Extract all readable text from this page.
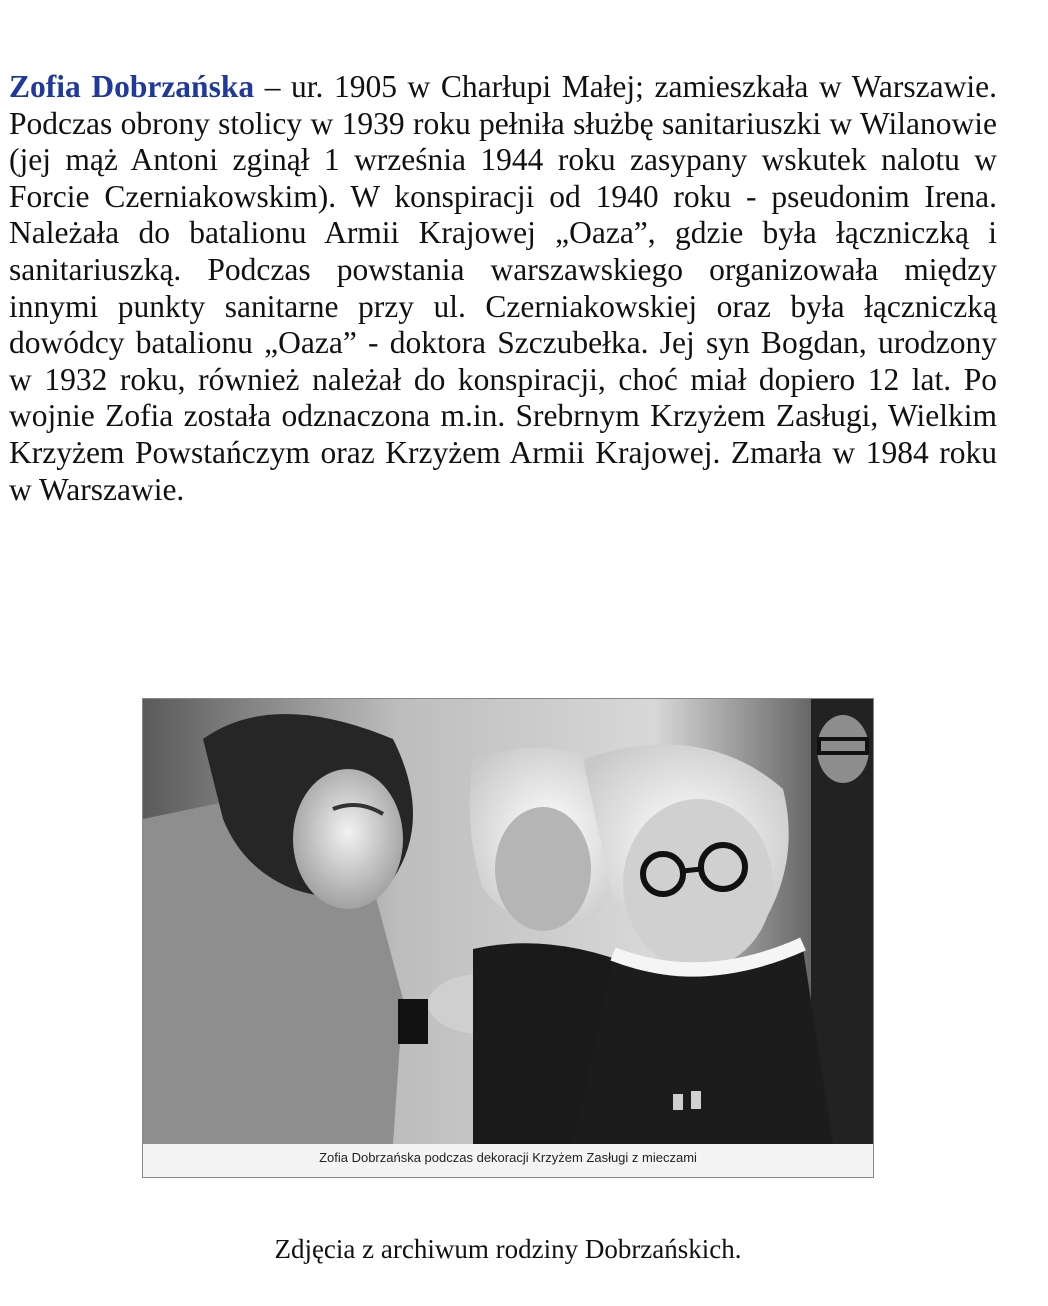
Zofia Dobrzańska – ur. 1905 w Charłupi Małej; zamieszkała w Warszawie. Podczas obrony stolicy w 1939 roku pełniła służbę sanitariuszki w Wilanowie (jej mąż Antoni zginął 1 września 1944 roku zasypany wskutek nalotu w Forcie Czerniakowskim). W konspiracji od 1940 roku - pseudonim Irena. Należała do batalionu Armii Krajowej „Oaza”, gdzie była łączniczką i sanitariuszką. Podczas powstania warszawskiego organizowała między innymi punkty sanitarne przy ul. Czerniakowskiej oraz była łączniczką dowódcy batalionu „Oaza” - doktora Szczubełka. Jej syn Bogdan, urodzony w 1932 roku, również należał do konspiracji, choć miał dopiero 12 lat. Po wojnie Zofia została odznaczona m.in. Srebrnym Krzyżem Zasługi, Wielkim Krzyżem Powstańczym oraz Krzyżem Armii Krajowej. Zmarła w 1984 roku w Warszawie.

Zofia Dobrzańska podczas dekoracji Krzyżem Zasługi z mieczami
Zdjęcia z archiwum rodziny Dobrzańskich.
